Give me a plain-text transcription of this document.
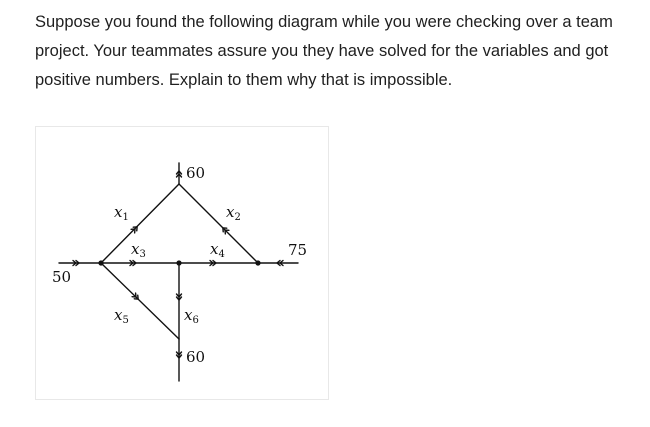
Suppose you found the following diagram while you were checking over a team project. Your teammates assure you they have solved for the variables and got positive numbers. Explain to them why that is impossible.

50
60
75
60
$x_1$	$x_2$
$x_3$	$x_4$
$x_5$	$x_6$
